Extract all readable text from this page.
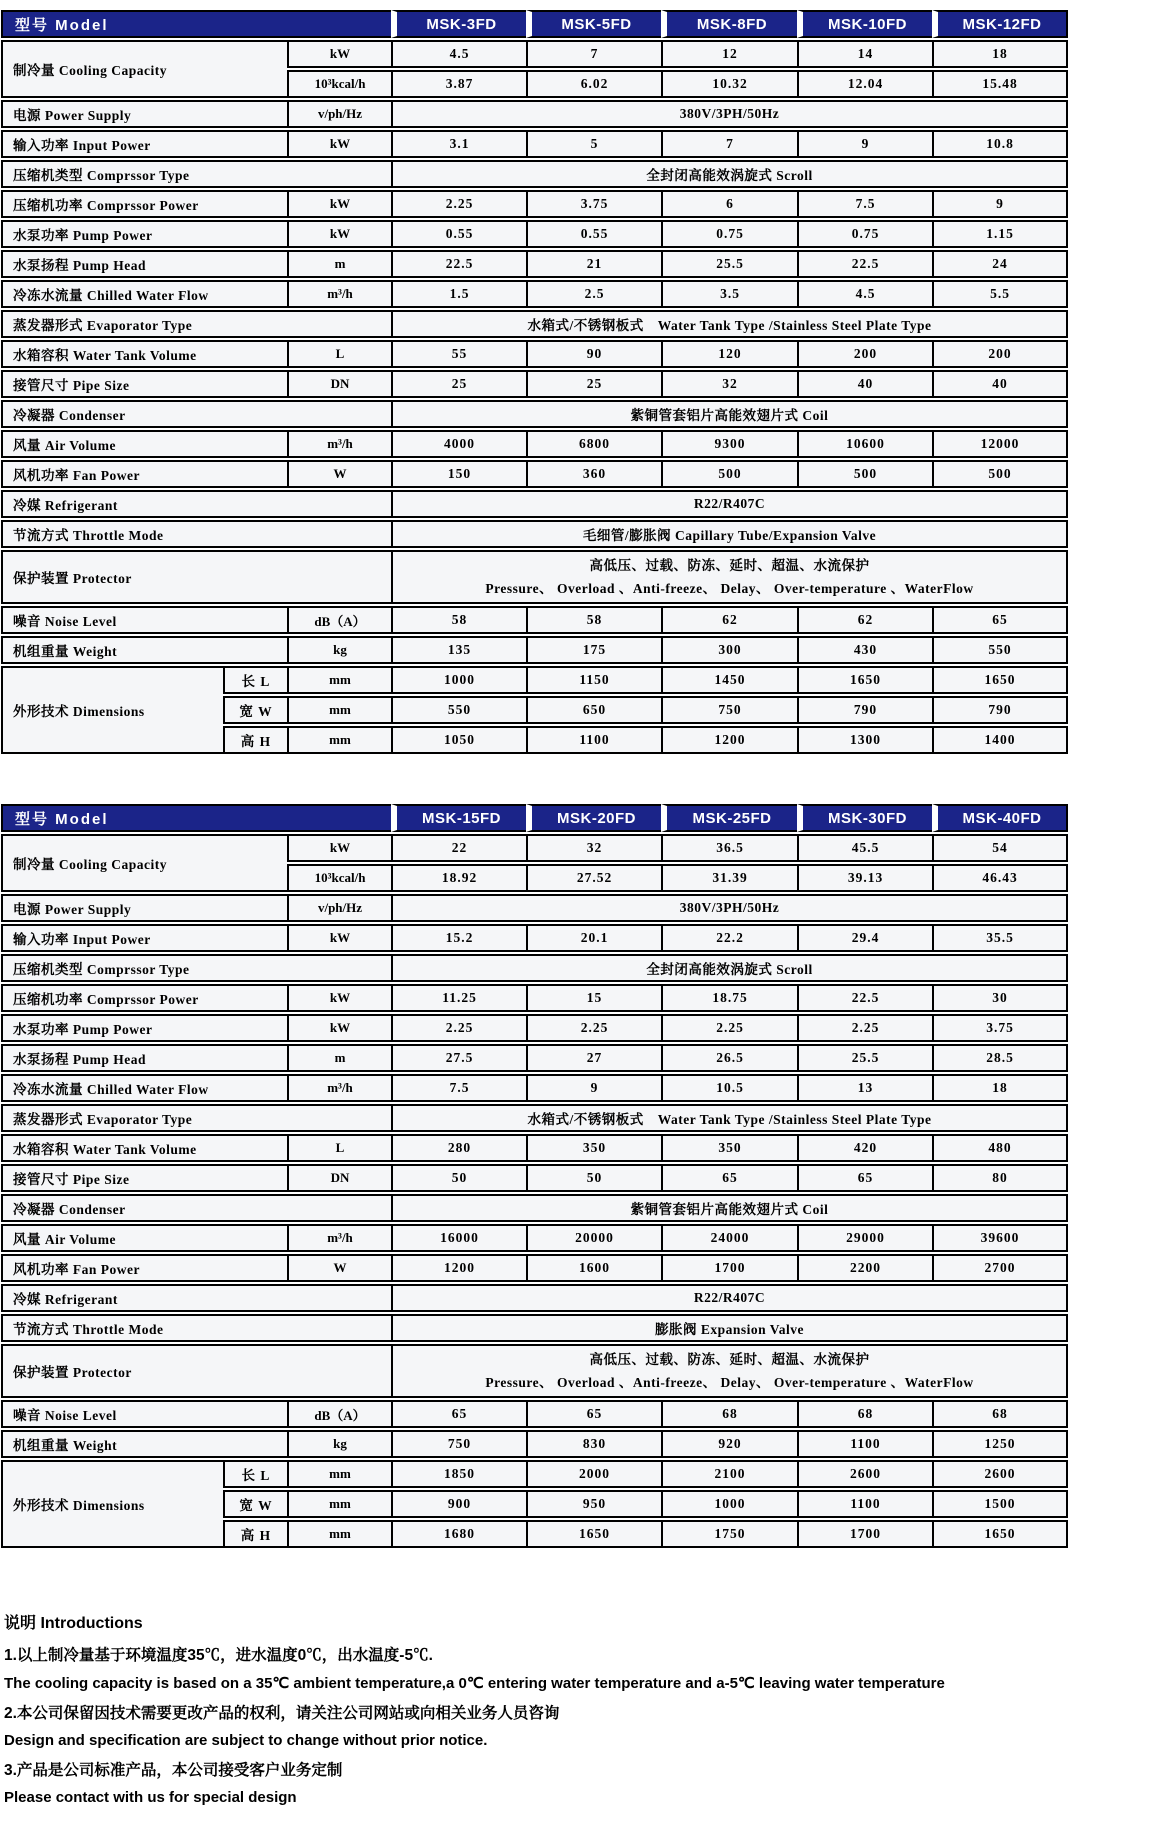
型号 Model			MSK-3FD	MSK-5FD	MSK-8FD	MSK-10FD	MSK-12FD
制冷量 Cooling Capacity		kW	4.5	7	12	14	18
		10³kcal/h	3.87	6.02	10.32	12.04	15.48
电源 Power Supply		v/ph/Hz	380V/3PH/50Hz				
输入功率 Input Power		kW	3.1	5	7	9	10.8
压缩机类型 Comprssor Type			全封闭高能效涡旋式 Scroll				
压缩机功率 Comprssor Power		kW	2.25	3.75	6	7.5	9
水泵功率 Pump Power		kW	0.55	0.55	0.75	0.75	1.15
水泵扬程 Pump Head		m	22.5	21	25.5	22.5	24
冷冻水流量 Chilled Water Flow		m³/h	1.5	2.5	3.5	4.5	5.5
蒸发器形式 Evaporator Type			水箱式/不锈钢板式　Water Tank Type /Stainless Steel Plate Type				
水箱容积 Water Tank Volume		L	55	90	120	200	200
接管尺寸 Pipe Size		DN	25	25	32	40	40
冷凝器 Condenser			紫铜管套铝片高能效翅片式 Coil				
风量 Air Volume		m³/h	4000	6800	9300	10600	12000
风机功率 Fan Power		W	150	360	500	500	500
冷媒 Refrigerant			R22/R407C				
节流方式 Throttle Mode			毛细管/膨胀阀 Capillary Tube/Expansion Valve				
保护装置 Protector			高低压、过载、防冻、延时、超温、水流保护
Pressure、 Overload 、Anti-freeze、 Delay、 Over-temperature 、WaterFlow				

噪音 Noise Level		dB（A）	58	58	62	62	65
机组重量 Weight		kg	135	175	300	430	550
外形技术 Dimensions	长 L	mm	1000	1150	1450	1650	1650
	宽 W	mm	550	650	750	790	790
	高 H	mm	1050	1100	1200	1300	1400
型号 Model			MSK-15FD	MSK-20FD	MSK-25FD	MSK-30FD	MSK-40FD
制冷量 Cooling Capacity		kW	22	32	36.5	45.5	54
		10³kcal/h	18.92	27.52	31.39	39.13	46.43
电源 Power Supply		v/ph/Hz	380V/3PH/50Hz				
输入功率 Input Power		kW	15.2	20.1	22.2	29.4	35.5
压缩机类型 Comprssor Type			全封闭高能效涡旋式 Scroll				
压缩机功率 Comprssor Power		kW	11.25	15	18.75	22.5	30
水泵功率 Pump Power		kW	2.25	2.25	2.25	2.25	3.75
水泵扬程 Pump Head		m	27.5	27	26.5	25.5	28.5
冷冻水流量 Chilled Water Flow		m³/h	7.5	9	10.5	13	18
蒸发器形式 Evaporator Type			水箱式/不锈钢板式　Water Tank Type /Stainless Steel Plate Type				
水箱容积 Water Tank Volume		L	280	350	350	420	480
接管尺寸 Pipe Size		DN	50	50	65	65	80
冷凝器 Condenser			紫铜管套铝片高能效翅片式 Coil				
风量 Air Volume		m³/h	16000	20000	24000	29000	39600
风机功率 Fan Power		W	1200	1600	1700	2200	2700
冷媒 Refrigerant			R22/R407C				
节流方式 Throttle Mode			膨胀阀 Expansion Valve				
保护装置 Protector			高低压、过载、防冻、延时、超温、水流保护
Pressure、 Overload 、Anti-freeze、 Delay、 Over-temperature 、WaterFlow				

噪音 Noise Level		dB（A）	65	65	68	68	68
机组重量 Weight		kg	750	830	920	1100	1250
外形技术 Dimensions	长 L	mm	1850	2000	2100	2600	2600
	宽 W	mm	900	950	1000	1100	1500
	高 H	mm	1680	1650	1750	1700	1650
说明 Introductions
1.以上制冷量基于环境温度35℃，进水温度0℃，出水温度-5℃.
The cooling capacity is based on a 35℃ ambient temperature,a 0℃ entering water temperature and a-5℃ leaving water temperature
2.本公司保留因技术需要更改产品的权利，请关注公司网站或向相关业务人员咨询
Design and specification are subject to change without prior notice.
3.产品是公司标准产品，本公司接受客户业务定制
Please contact with us for special design
